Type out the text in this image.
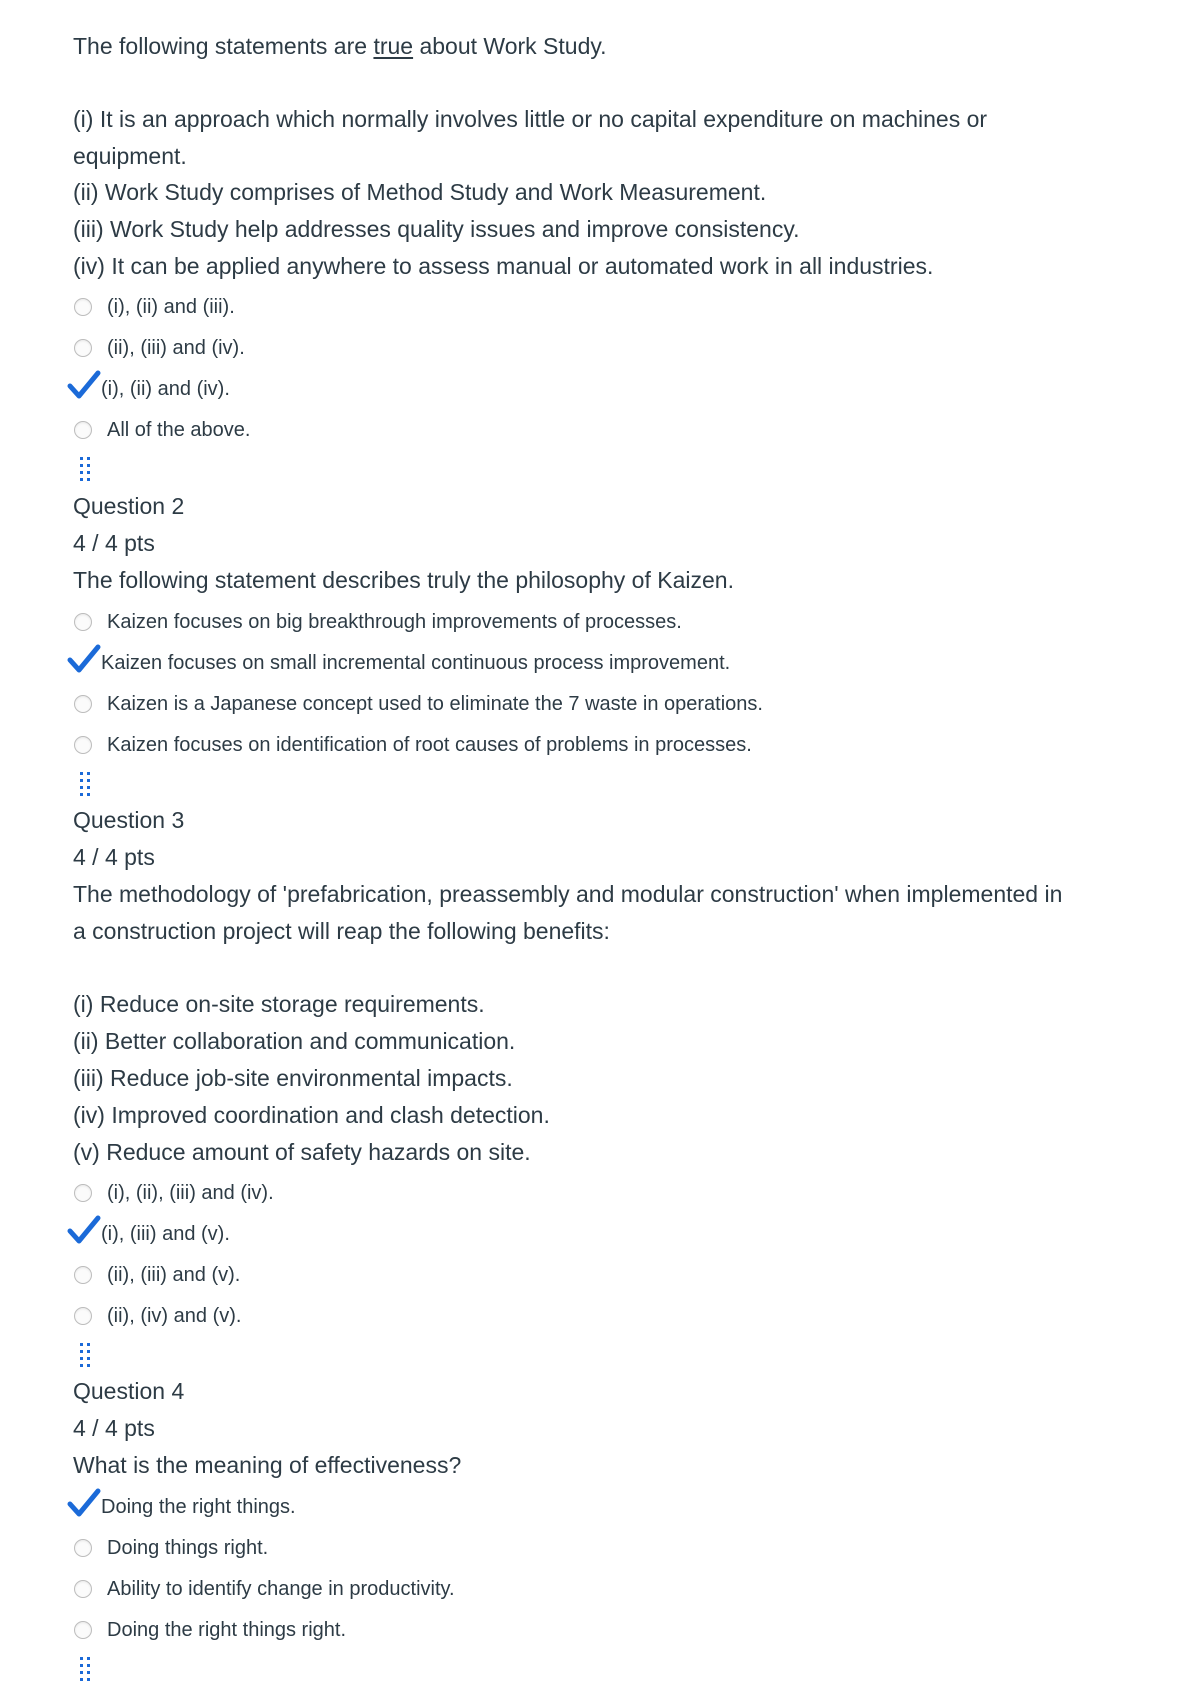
The following statements are true about Work Study.
(i) It is an approach which normally involves little or no capital expenditure on machines or
equipment.
(ii) Work Study comprises of Method Study and Work Measurement.
(iii) Work Study help addresses quality issues and improve consistency.
(iv) It can be applied anywhere to assess manual or automated work in all industries.
(i), (ii) and (iii).
(ii), (iii) and (iv).
(i), (ii) and (iv).
All of the above.
Question 2
4 / 4 pts
The following statement describes truly the philosophy of Kaizen.
Kaizen focuses on big breakthrough improvements of processes.
Kaizen focuses on small incremental continuous process improvement.
Kaizen is a Japanese concept used to eliminate the 7 waste in operations.
Kaizen focuses on identification of root causes of problems in processes.
Question 3
4 / 4 pts
The methodology of 'prefabrication, preassembly and modular construction' when implemented in
a construction project will reap the following benefits:
(i) Reduce on-site storage requirements.
(ii) Better collaboration and communication.
(iii) Reduce job-site environmental impacts.
(iv) Improved coordination and clash detection.
(v) Reduce amount of safety hazards on site.
(i), (ii), (iii) and (iv).
(i), (iii) and (v).
(ii), (iii) and (v).
(ii), (iv) and (v).
Question 4
4 / 4 pts
What is the meaning of effectiveness?
Doing the right things.
Doing things right.
Ability to identify change in productivity.
Doing the right things right.
